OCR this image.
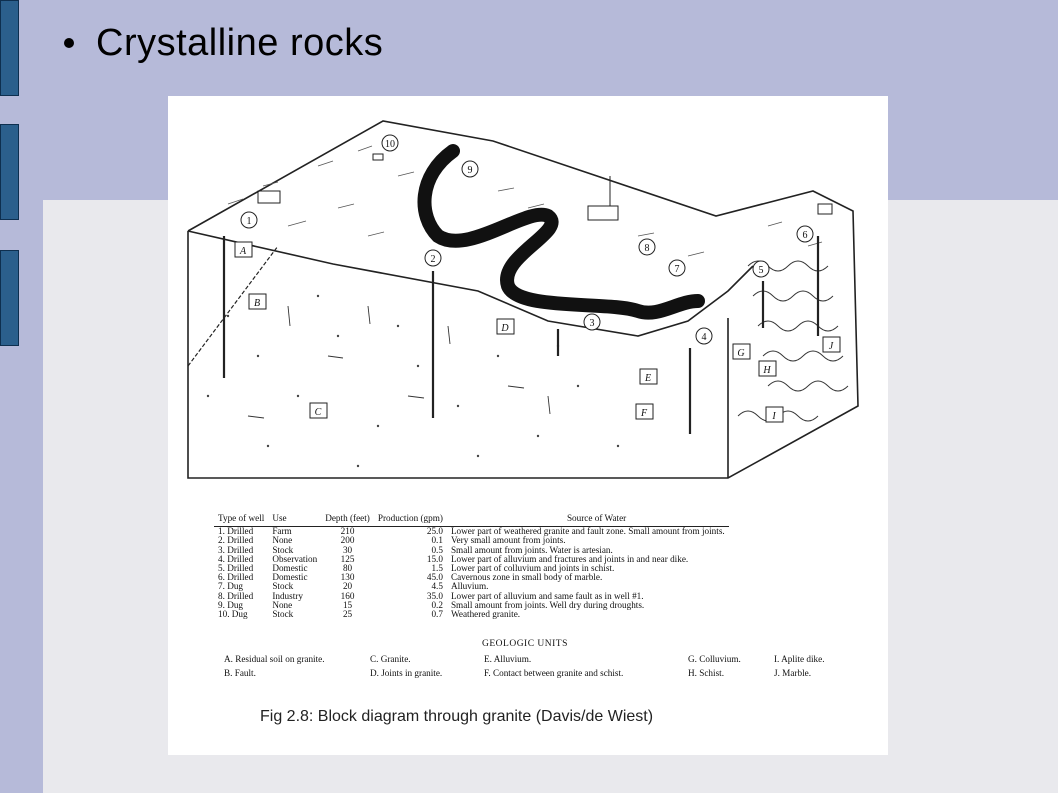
Crystalline rocks
1
2
3
4
5
6
7
8
9
10
A
B
C
D
E
F
G
H
I
J
Type of well	Use	Depth (feet)	Production (gpm)	Source of Water
1. Drilled	Farm	210	25.0	Lower part of weathered granite and fault zone. Small amount from joints.
2. Drilled	None	200	0.1	Very small amount from joints.
3. Drilled	Stock	30	0.5	Small amount from joints. Water is artesian.
4. Drilled	Observation	125	15.0	Lower part of alluvium and fractures and joints in and near dike.
5. Drilled	Domestic	80	1.5	Lower part of colluvium and joints in schist.
6. Drilled	Domestic	130	45.0	Cavernous zone in small body of marble.
7. Dug	Stock	20	4.5	Alluvium.
8. Drilled	Industry	160	35.0	Lower part of alluvium and same fault as in well #1.
9. Dug	None	15	0.2	Small amount from joints. Well dry during droughts.
10. Dug	Stock	25	0.7	Weathered granite.
GEOLOGIC UNITS
A. Residual soil on granite.
B. Fault.
C. Granite.
D. Joints in granite.
E. Alluvium.
F. Contact between granite and schist.
G. Colluvium.
H. Schist.
I. Aplite dike.
J. Marble.
Fig 2.8: Block diagram through granite (Davis/de Wiest)
